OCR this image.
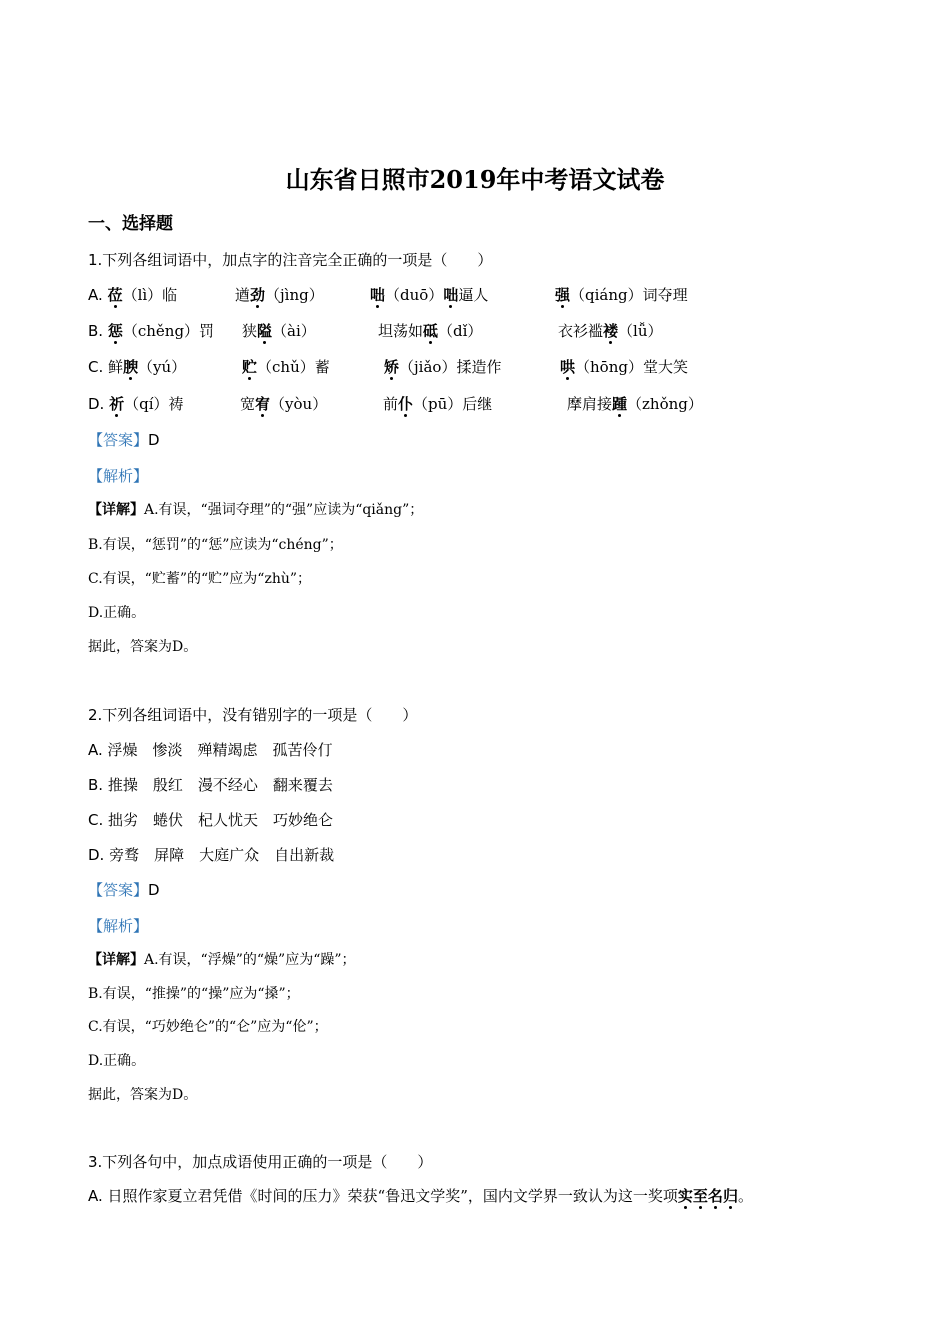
山东省日照市2019年中考语文试卷
一、选择题
1.下列各组词语中，加点字的注音完全正确的一项是（　　）
A. 莅（lì）临	遒劲（jìng）	咄（duō）咄逼人	强（qiáng）词夺理
B. 惩（chěng）罚 狭隘（ài）	坦荡如砥（dǐ）	衣衫褴褛（lǚ）
C. 鲜腴（yú）	贮（chǔ）蓄	矫（jiǎo）揉造作	哄（hōng）堂大笑
D. 祈（qí）祷	宽宥（yòu）	前仆（pū）后继	摩肩接踵（zhǒng）
【答案】D
【解析】
【详解】A.有误，“强词夺理”的“强”应读为“qiǎng”；
B.有误，“惩罚”的“惩”应读为“chéng”；
C.有误，“贮蓄”的“贮”应为“zhù”；
D.正确。
据此，答案为D。
2.下列各组词语中，没有错别字的一项是（　　）
A. 浮燥　惨淡　殚精竭虑　孤苦伶仃
B. 推操　殷红　漫不经心　翻来覆去
C. 拙劣　蜷伏　杞人忧天　巧妙绝仑
D. 旁骛　屏障　大庭广众　自出新裁
【答案】D
【解析】
【详解】A.有误，“浮燥”的“燥”应为“躁”；
B.有误，“推操”的“操”应为“搡”；
C.有误，“巧妙绝仑”的“仑”应为“伦”；
D.正确。
据此，答案为D。
3.下列各句中，加点成语使用正确的一项是（　　）
A. 日照作家夏立君凭借《时间的压力》荣获“鲁迅文学奖”，国内文学界一致认为这一奖项实至名归。
